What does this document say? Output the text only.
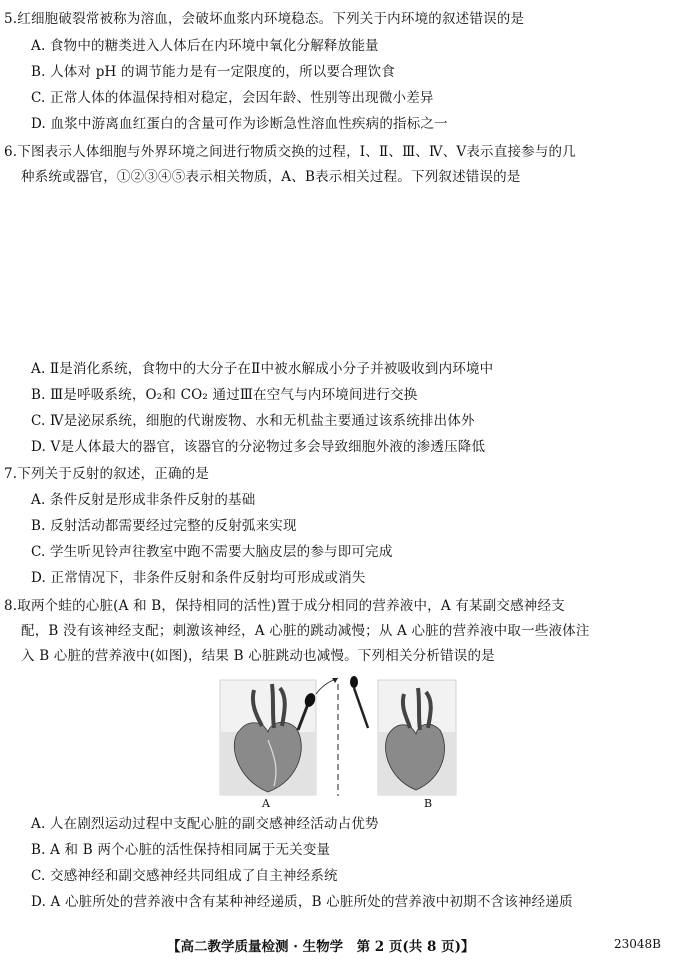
5.红细胞破裂常被称为溶血，会破坏血浆内环境稳态。下列关于内环境的叙述错误的是
A. 食物中的糖类进入人体后在内环境中氧化分解释放能量
B. 人体对 pH 的调节能力是有一定限度的，所以要合理饮食
C. 正常人体的体温保持相对稳定，会因年龄、性别等出现微小差异
D. 血浆中游离血红蛋白的含量可作为诊断急性溶血性疾病的指标之一
6.下图表示人体细胞与外界环境之间进行物质交换的过程，Ⅰ、Ⅱ、Ⅲ、Ⅳ、Ⅴ表示直接参与的几
种系统或器官，①②③④⑤表示相关物质，A、B表示相关过程。下列叙述错误的是
A. Ⅱ是消化系统，食物中的大分子在Ⅱ中被水解成小分子并被吸收到内环境中
B. Ⅲ是呼吸系统，O₂和 CO₂ 通过Ⅲ在空气与内环境间进行交换
C. Ⅳ是泌尿系统，细胞的代谢废物、水和无机盐主要通过该系统排出体外
D. Ⅴ是人体最大的器官，该器官的分泌物过多会导致细胞外液的渗透压降低
7.下列关于反射的叙述，正确的是
A. 条件反射是形成非条件反射的基础
B. 反射活动都需要经过完整的反射弧来实现
C. 学生听见铃声往教室中跑不需要大脑皮层的参与即可完成
D. 正常情况下，非条件反射和条件反射均可形成或消失
8.取两个蛙的心脏(A 和 B，保持相同的活性)置于成分相同的营养液中，A 有某副交感神经支
配，B 没有该神经支配；刺激该神经，A 心脏的跳动减慢；从 A 心脏的营养液中取一些液体注
入 B 心脏的营养液中(如图)，结果 B 心脏跳动也减慢。下列相关分析错误的是
A	B
A. 人在剧烈运动过程中支配心脏的副交感神经活动占优势
B. A 和 B 两个心脏的活性保持相同属于无关变量
C. 交感神经和副交感神经共同组成了自主神经系统
D. A 心脏所处的营养液中含有某种神经递质，B 心脏所处的营养液中初期不含该神经递质
【高二教学质量检测 · 生物学　第 2 页(共 8 页)】	23048B
